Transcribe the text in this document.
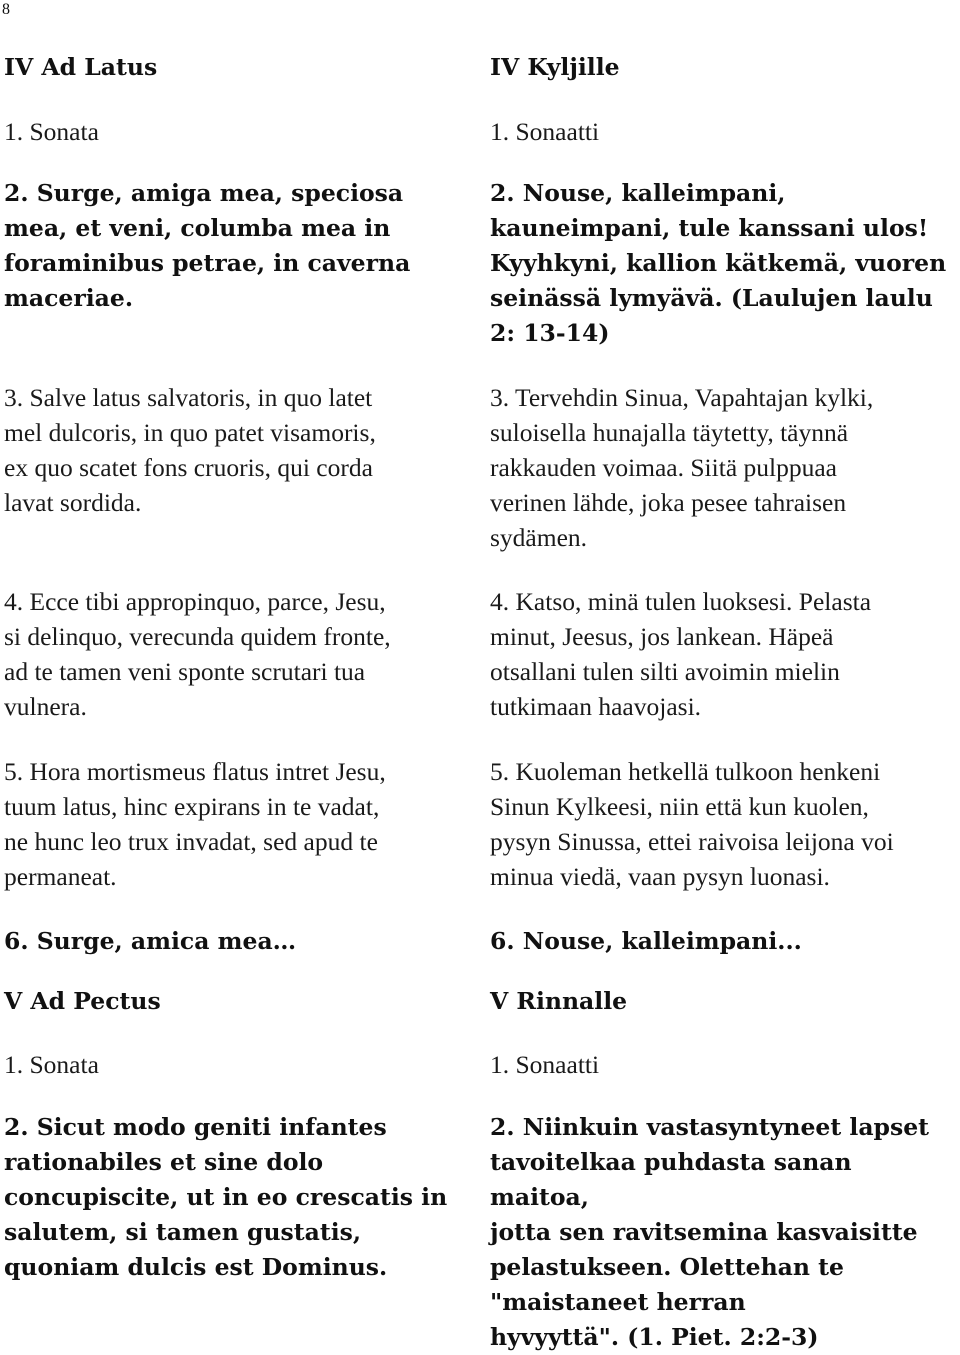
8
IV Ad Latus
1. Sonata
2. Surge, amiga mea, speciosa
mea, et veni, columba mea in
foraminibus petrae, in caverna
maceriae.
3. Salve latus salvatoris, in quo latet
mel dulcoris, in quo patet visamoris,
ex quo scatet fons cruoris, qui corda
lavat sordida.
4. Ecce tibi appropinquo, parce, Jesu,
si delinquo, verecunda quidem fronte,
ad te tamen veni sponte scrutari tua
vulnera.
5. Hora mortismeus flatus intret Jesu,
tuum latus, hinc expirans in te vadat,
ne hunc leo trux invadat, sed apud te
permaneat.
6. Surge, amica mea…
V Ad Pectus
1. Sonata
2. Sicut modo geniti infantes
rationabiles et sine dolo
concupiscite, ut in eo crescatis in
salutem, si tamen gustatis,
quoniam dulcis est Dominus.
IV Kyljille
1. Sonaatti
2. Nouse, kalleimpani,
kauneimpani, tule kanssani ulos!
Kyyhkyni, kallion kätkemä, vuoren
seinässä lymyävä. (Laulujen laulu
2: 13-14)
3. Tervehdin Sinua, Vapahtajan kylki,
suloisella hunajalla täytetty, täynnä
rakkauden voimaa. Siitä pulppuaa
verinen lähde, joka pesee tahraisen
sydämen.
4. Katso, minä tulen luoksesi. Pelasta
minut, Jeesus, jos lankean. Häpeä
otsallani tulen silti avoimin mielin
tutkimaan haavojasi.
5. Kuoleman hetkellä tulkoon henkeni
Sinun Kylkeesi, niin että kun kuolen,
pysyn Sinussa, ettei raivoisa leijona voi
minua viedä, vaan pysyn luonasi.
6. Nouse, kalleimpani...
V Rinnalle
1. Sonaatti
2. Niinkuin vastasyntyneet lapset
tavoitelkaa puhdasta sanan maitoa,
jotta sen ravitsemina kasvaisitte
pelastukseen. Olettehan te
"maistaneet herran
hyvyyttä". (1. Piet. 2:2-3)
